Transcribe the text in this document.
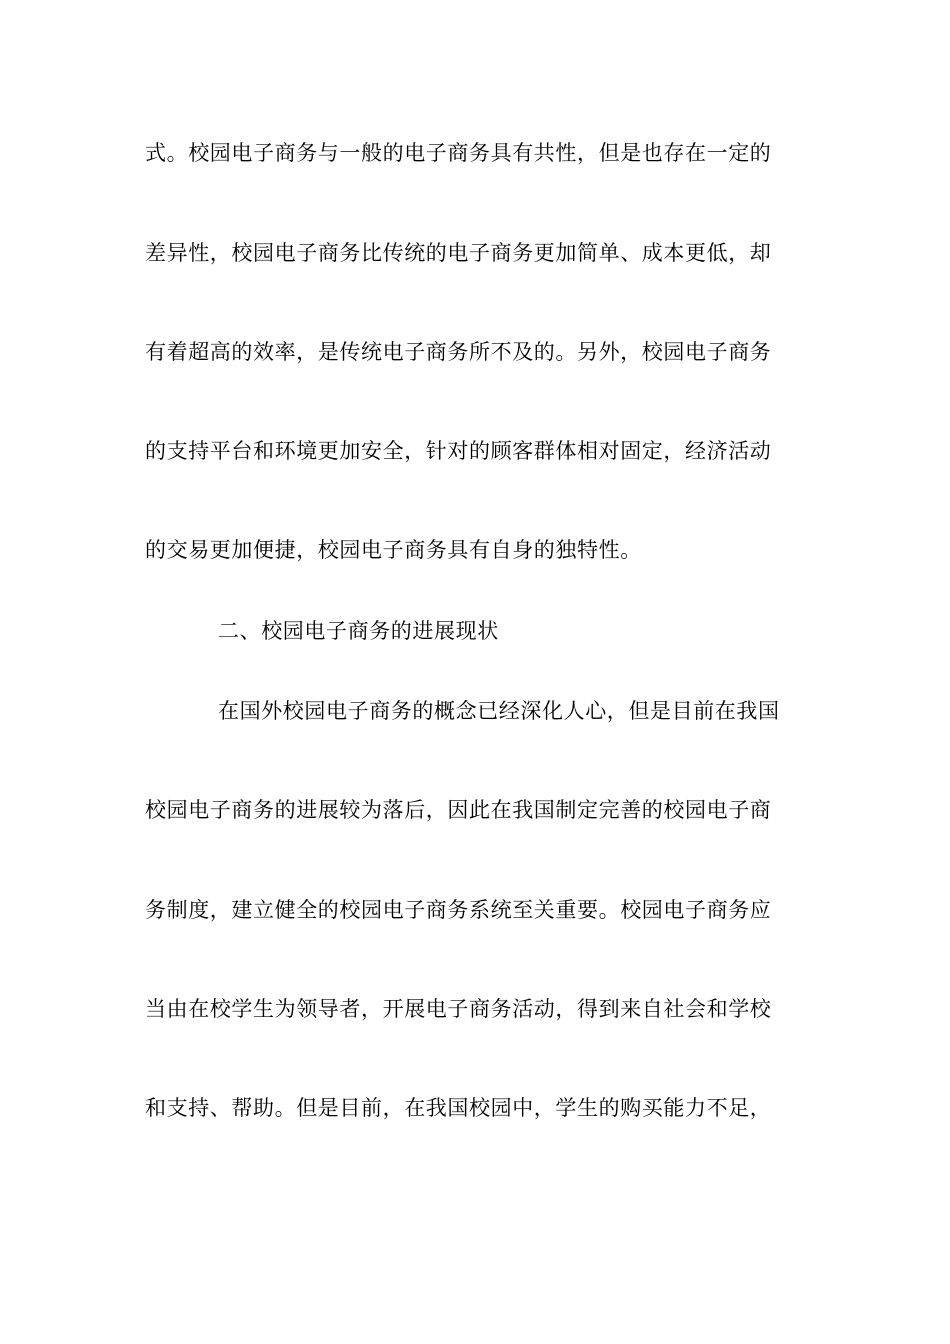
式。校园电子商务与一般的电子商务具有共性，但是也存在一定的
差异性，校园电子商务比传统的电子商务更加简单、成本更低，却
有着超高的效率，是传统电子商务所不及的。另外，校园电子商务
的支持平台和环境更加安全，针对的顾客群体相对固定，经济活动
的交易更加便捷，校园电子商务具有自身的独特性。
二、校园电子商务的进展现状
在国外校园电子商务的概念已经深化人心，但是目前在我国
校园电子商务的进展较为落后，因此在我国制定完善的校园电子商
务制度，建立健全的校园电子商务系统至关重要。校园电子商务应
当由在校学生为领导者，开展电子商务活动，得到来自社会和学校
和支持、帮助。但是目前，在我国校园中，学生的购买能力不足，
